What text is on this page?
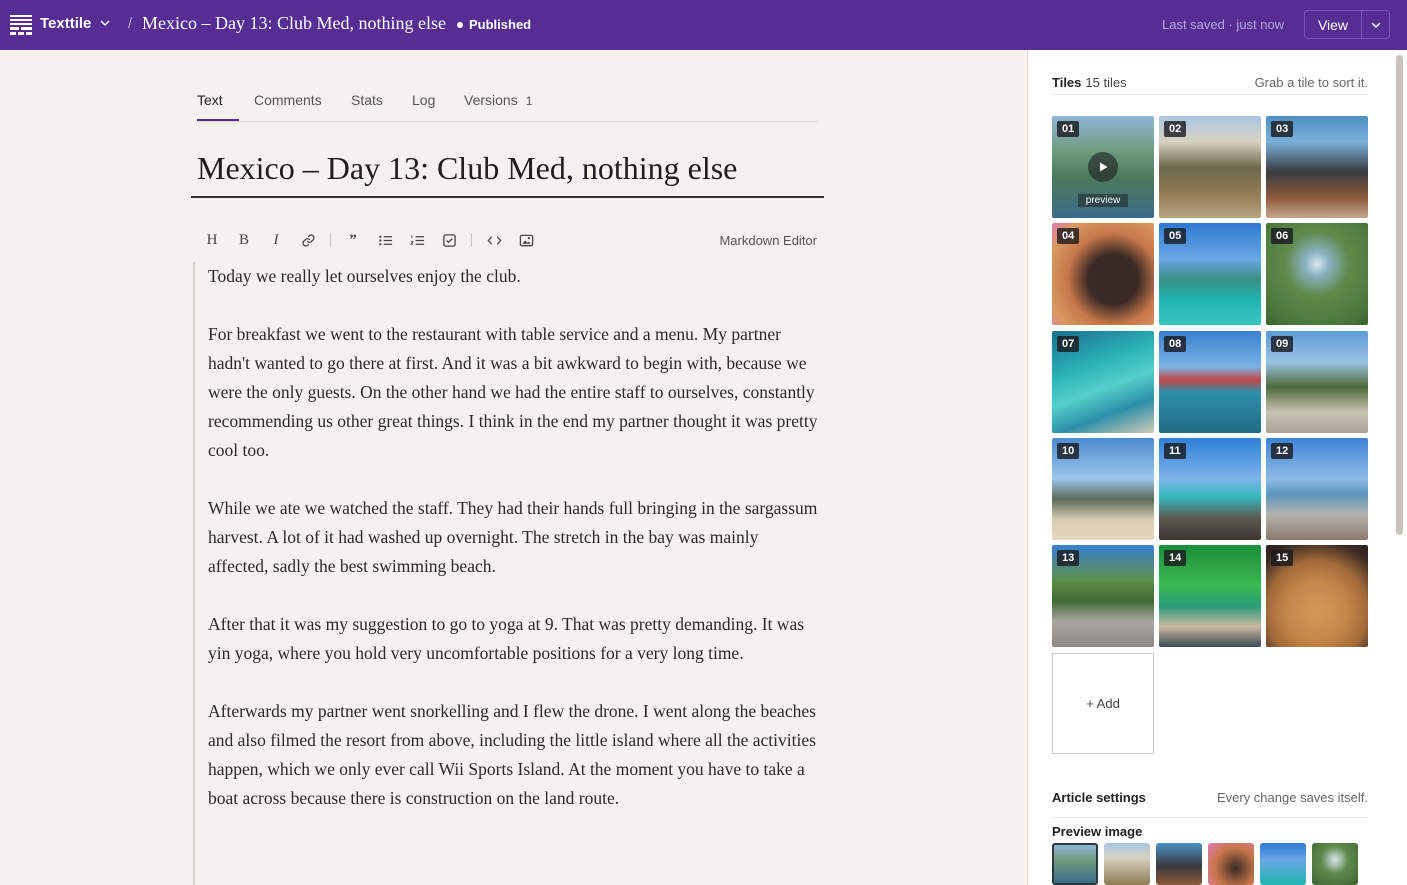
Texttile / Mexico – Day 13: Club Med, nothing else Published	Last saved · just now	View
Text Comments Stats Log Versions 1
Mexico – Day 13: Club Med, nothing else
H B I	”	Markdown Editor

Today we really let ourselves enjoy the club.

For breakfast we went to the restaurant with table service and a menu. My partner hadn't wanted to go there at first. And it was a bit awkward to begin with, because we were the only guests. On the other hand we had the entire staff to ourselves, constantly recommending us other great things. I think in the end my partner thought it was pretty cool too.

While we ate we watched the staff. They had their hands full bringing in the sargassum harvest. A lot of it had washed up overnight. The stretch in the bay was mainly affected, sadly the best swimming beach.

After that it was my suggestion to go to yoga at 9. That was pretty demanding. It was yin yoga, where you hold very uncomfortable positions for a very long time.

Afterwards my partner went snorkelling and I flew the drone. I went along the beaches and also filmed the resort from above, including the little island where all the activities happen, which we only ever call Wii Sports Island. At the moment you have to take a boat across because there is construction on the land route.

Tiles 15 tiles	Grab a tile to sort it.
01
preview
02	03
04	05	06
07	08	09
10	11	12
13	14	15
+ Add
Article settings	Every change saves itself.
Preview image
